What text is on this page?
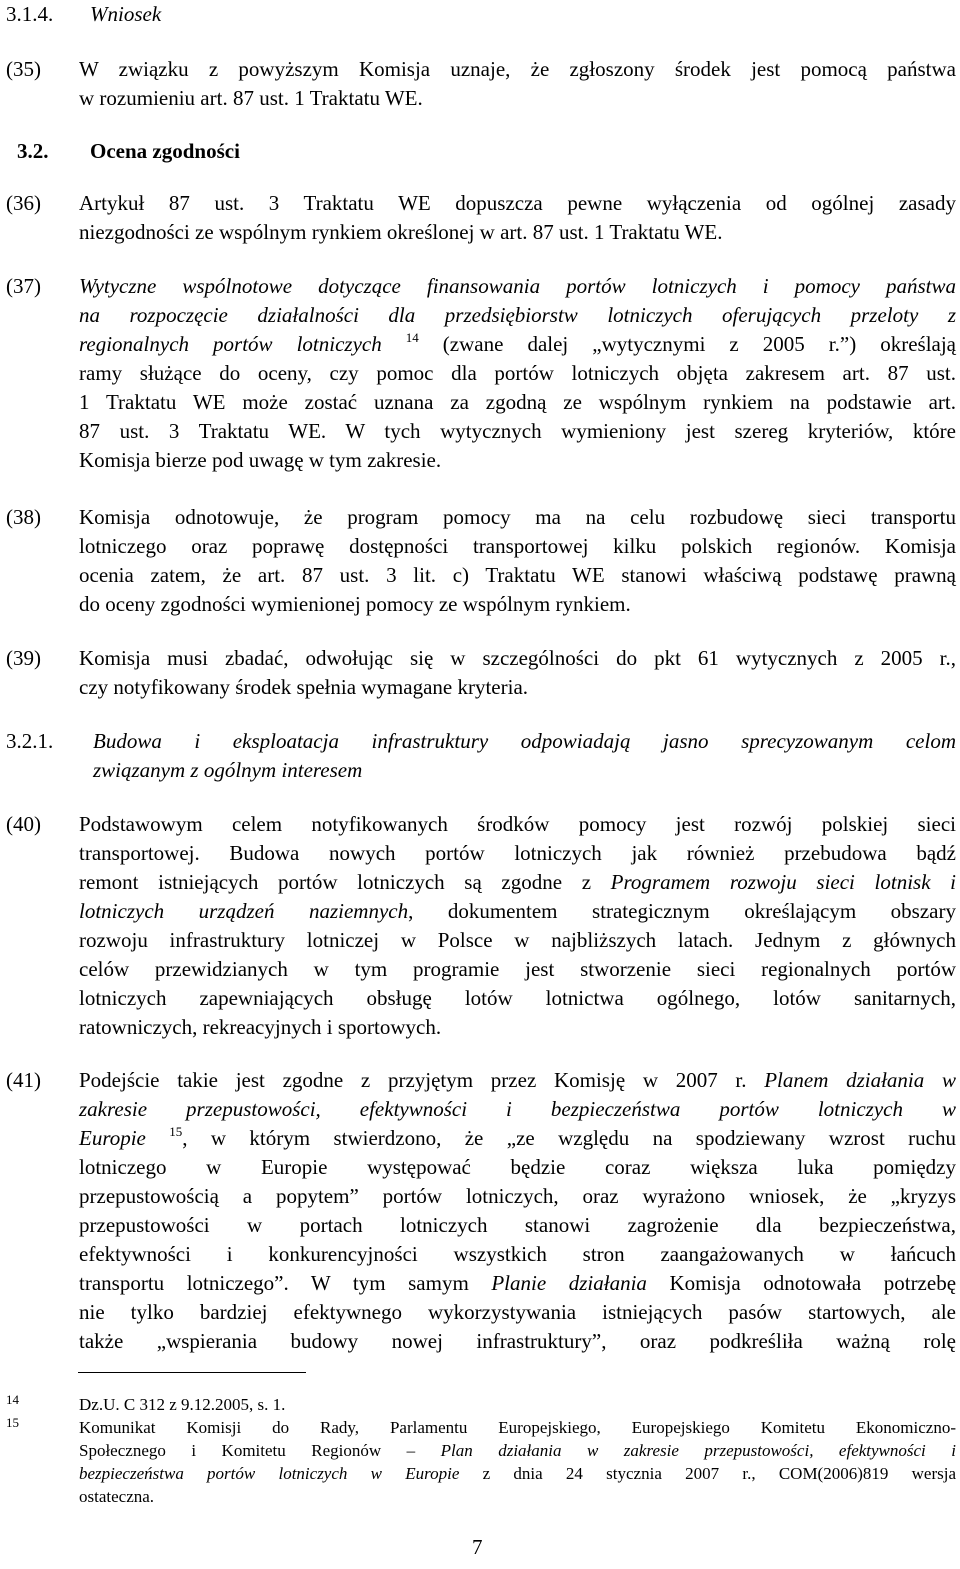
3.1.4. Wniosek
(35) W związku z powyższym Komisja uznaje, że zgłoszony środek jest pomocą państwa
w rozumieniu art. 87 ust. 1 Traktatu WE.
3.2. Ocena zgodności
(36) Artykuł 87 ust. 3 Traktatu WE dopuszcza pewne wyłączenia od ogólnej zasady
niezgodności ze wspólnym rynkiem określonej w art. 87 ust. 1 Traktatu WE.
(37) Wytyczne wspólnotowe dotyczące finansowania portów lotniczych i pomocy państwa
na rozpoczęcie działalności dla przedsiębiorstw lotniczych oferujących przeloty z
regionalnych portów lotniczych $^{14}$ (zwane dalej „wytycznymi z 2005 r.”) określają
ramy służące do oceny, czy pomoc dla portów lotniczych objęta zakresem art. 87 ust.
1 Traktatu WE może zostać uznana za zgodną ze wspólnym rynkiem na podstawie art.
87 ust. 3 Traktatu WE. W tych wytycznych wymieniony jest szereg kryteriów, które
Komisja bierze pod uwagę w tym zakresie.
(38) Komisja odnotowuje, że program pomocy ma na celu rozbudowę sieci transportu
lotniczego oraz poprawę dostępności transportowej kilku polskich regionów. Komisja
ocenia zatem, że art. 87 ust. 3 lit. c) Traktatu WE stanowi właściwą podstawę prawną
do oceny zgodności wymienionej pomocy ze wspólnym rynkiem.
(39) Komisja musi zbadać, odwołując się w szczególności do pkt 61 wytycznych z 2005 r.,
czy notyfikowany środek spełnia wymagane kryteria.
3.2.1. Budowa i eksploatacja infrastruktury odpowiadają jasno sprecyzowanym celom
związanym z ogólnym interesem
(40) Podstawowym celem notyfikowanych środków pomocy jest rozwój polskiej sieci
transportowej. Budowa nowych portów lotniczych jak również przebudowa bądź
remont istniejących portów lotniczych są zgodne z Programem rozwoju sieci lotnisk i
lotniczych urządzeń naziemnych, dokumentem strategicznym określającym obszary
rozwoju infrastruktury lotniczej w Polsce w najbliższych latach. Jednym z głównych
celów przewidzianych w tym programie jest stworzenie sieci regionalnych portów
lotniczych zapewniających obsługę lotów lotnictwa ogólnego, lotów sanitarnych,
ratowniczych, rekreacyjnych i sportowych.
(41) Podejście takie jest zgodne z przyjętym przez Komisję w 2007 r. Planem działania w
zakresie przepustowości, efektywności i bezpieczeństwa portów lotniczych w
Europie $^{15}$, w którym stwierdzono, że „ze względu na spodziewany wzrost ruchu
lotniczego w Europie występować będzie coraz większa luka pomiędzy
przepustowością a popytem” portów lotniczych, oraz wyrażono wniosek, że „kryzys
przepustowości w portach lotniczych stanowi zagrożenie dla bezpieczeństwa,
efektywności i konkurencyjności wszystkich stron zaangażowanych w łańcuch
transportu lotniczego”. W tym samym Planie działania Komisja odnotowała potrzebę
nie tylko bardziej efektywnego wykorzystywania istniejących pasów startowych, ale
także „wspierania budowy nowej infrastruktury”, oraz podkreśliła ważną rolę
14	Dz.U. C 312 z 9.12.2005, s. 1.
15	Komunikat Komisji do Rady, Parlamentu Europejskiego, Europejskiego Komitetu Ekonomiczno-
Społecznego i Komitetu Regionów – Plan działania w zakresie przepustowości, efektywności i
bezpieczeństwa portów lotniczych w Europie z dnia 24 stycznia 2007 r., COM(2006)819 wersja
ostateczna.
7
